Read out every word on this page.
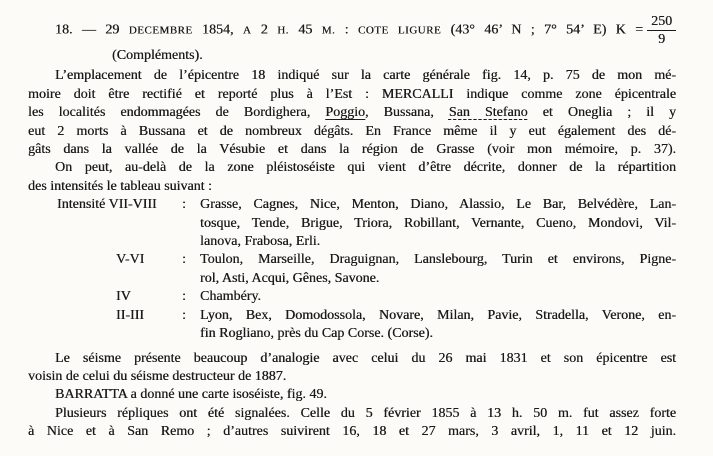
18. — 29 DECEMBRE 1854, A 2 H. 45 M. : COTE LIGURE (43° 46’ N ; 7° 54’ E) $K = \frac{250}{9}$
(Compléments).
L’emplacement de l’épicentre 18 indiqué sur la carte générale fig. 14, p. 75 de mon mé-
moire doit être rectifié et reporté plus à l’Est : MERCALLI indique comme zone épicentrale
les localités endommagées de Bordighera, Poggio, Bussana, San Stefano et Oneglia ; il y
eut 2 morts à Bussana et de nombreux dégâts. En France même il y eut également des dé-
gâts dans la vallée de la Vésubie et dans la région de Grasse (voir mon mémoire, p. 37).
On peut, au-delà de la zone pléistoséiste qui vient d’être décrite, donner de la répartition
des intensités le tableau suivant :
Intensité VII-VIII	:	Grasse, Cagnes, Nice, Menton, Diano, Alassio, Le Bar, Belvédère, Lan-
tosque, Tende, Brigue, Triora, Robillant, Vernante, Cueno, Mondovi, Vil-
lanova, Frabosa, Erli.
V-VI	:	Toulon, Marseille, Draguignan, Lanslebourg, Turin et environs, Pigne-
rol, Asti, Acqui, Gênes, Savone.
IV	:	Chambéry.
II-III	:	Lyon, Bex, Domodossola, Novare, Milan, Pavie, Stradella, Verone, en-
fin Rogliano, près du Cap Corse. (Corse).
Le séisme présente beaucoup d’analogie avec celui du 26 mai 1831 et son épicentre est
voisin de celui du séisme destructeur de 1887.
BARRATTA a donné une carte isoséiste, fig. 49.
Plusieurs répliques ont été signalées. Celle du 5 février 1855 à 13 h. 50 m. fut assez forte
à Nice et à San Remo ; d’autres suivirent 16, 18 et 27 mars, 3 avril, 1, 11 et 12 juin.
